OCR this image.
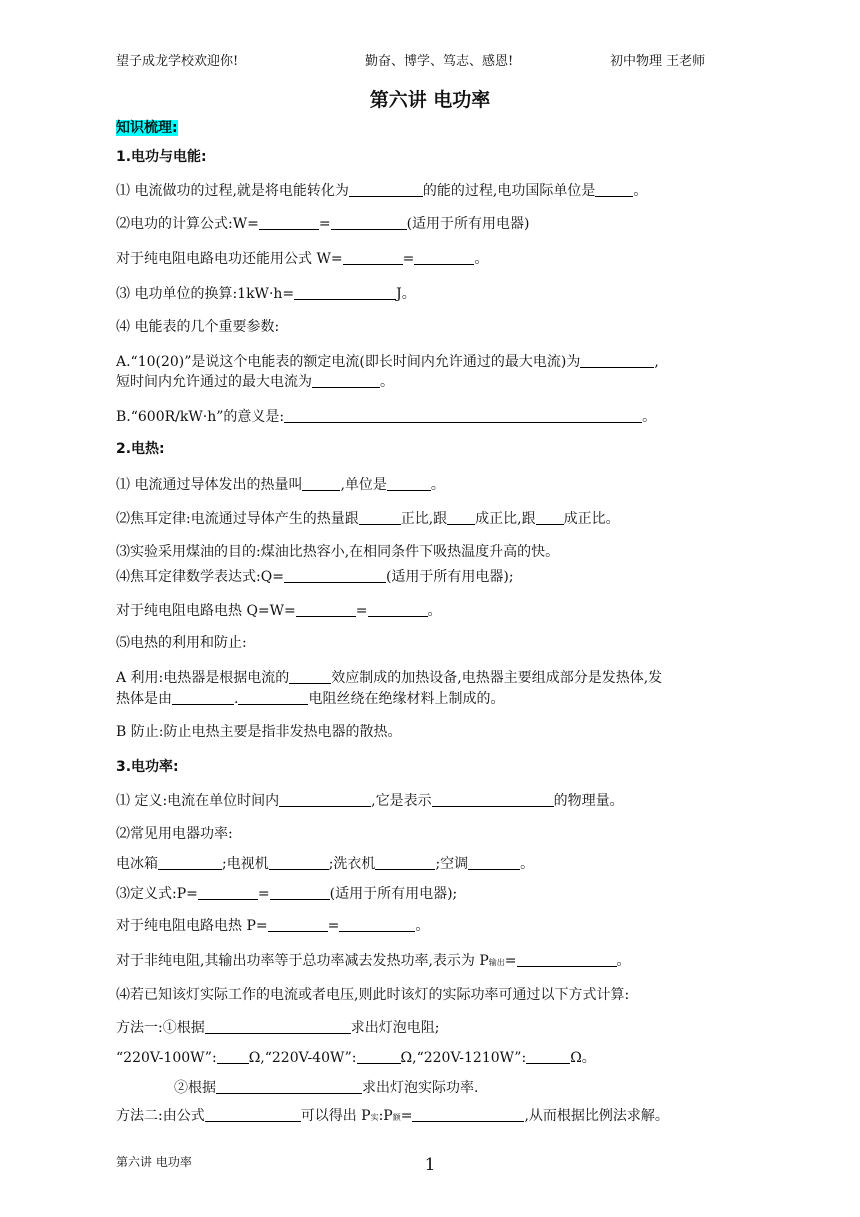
望子成龙学校欢迎你!	勤奋、博学、笃志、感恩!	初中物理 王老师
第六讲 电功率
知识梳理:
1.电功与电能:
⑴ 电流做功的过程,就是将电能转化为	的能的过程,电功国际单位是	。
⑵电功的计算公式:W=	=	(适用于所有用电器)
对于纯电阻电路电功还能用公式 W=	=	。
⑶ 电功单位的换算:1kW·h=	J。
⑷ 电能表的几个重要参数:
A.“10(20)”是说这个电能表的额定电流(即长时间内允许通过的最大电流)为	,
短时间内允许通过的最大电流为	。
B.“600R/kW·h”的意义是:	。
2.电热:
⑴ 电流通过导体发出的热量叫	,单位是	。
⑵焦耳定律:电流通过导体产生的热量跟	正比,跟 成正比,跟 成正比。
⑶实验采用煤油的目的:煤油比热容小,在相同条件下吸热温度升高的快。
⑷焦耳定律数学表达式:Q=	(适用于所有用电器);
对于纯电阻电路电热 Q=W=	=	。
⑸电热的利用和防止:
A 利用:电热器是根据电流的	效应制成的加热设备,电热器主要组成部分是发热体,发
热体是由	.	电阻丝绕在绝缘材料上制成的。
B 防止:防止电热主要是指非发热电器的散热。
3.电功率:
⑴ 定义:电流在单位时间内	,它是表示	的物理量。
⑵常见用电器功率:
电冰箱	;电视机	;洗衣机	;空调	。
⑶定义式:P=	=	(适用于所有用电器);
对于纯电阻电路电热 P=	=	。
对于非纯电阻,其输出功率等于总功率减去发热功率,表示为 P输出=	。
⑷若已知该灯实际工作的电流或者电压,则此时该灯的实际功率可通过以下方式计算:
方法一:①根据	求出灯泡电阻;
“220V-100W”: Ω,“220V-40W”:	Ω,“220V-1210W”:	Ω。
②根据	求出灯泡实际功率.
方法二:由公式	可以得出 P实:P额=	,从而根据比例法求解。
第六讲 电功率	1
